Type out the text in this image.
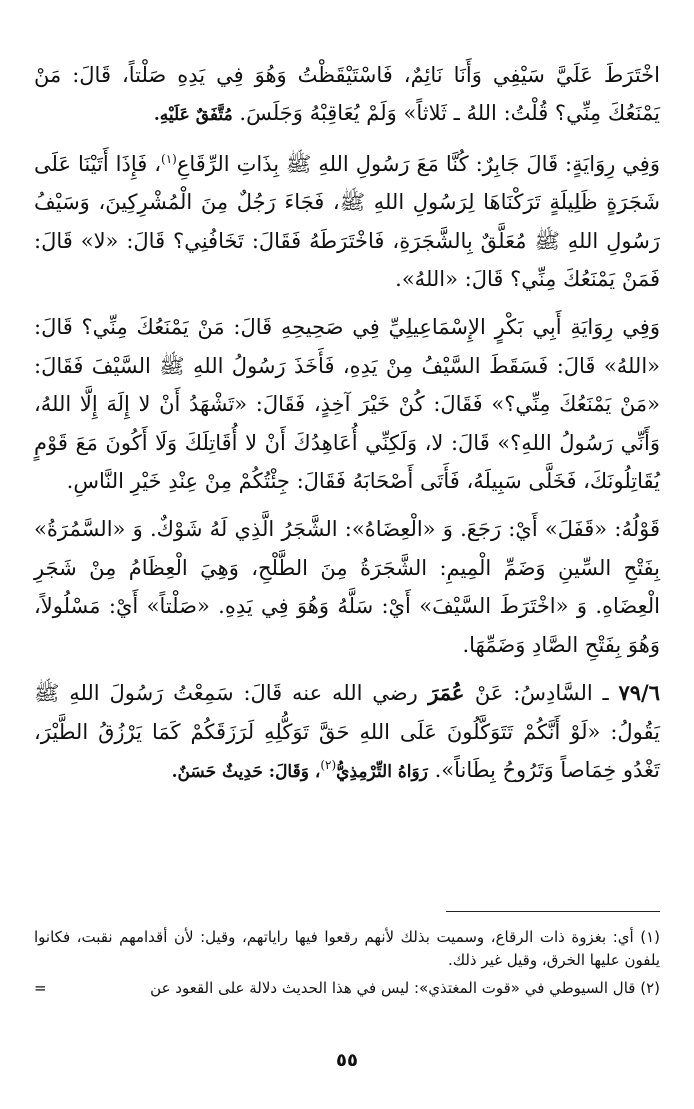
اخْتَرَطَ عَلَيَّ سَيْفِي وَأَنَا نَائِمٌ، فَاسْتَيْقَظْتُ وَهُوَ فِي يَدِهِ صَلْتاً، قَالَ: مَنْ يَمْنَعُكَ مِنِّي؟ قُلْتُ: اللهُ ـ ثَلاثاً» وَلَمْ يُعَاقِبْهُ وَجَلَسَ. مُتَّفَقٌ عَلَيْهِ.

وَفِي رِوَايَةٍ: قَالَ جَابِرٌ: كُنَّا مَعَ رَسُولِ اللهِ ﷺ بِذَاتِ الرِّقَاعِ$^{(١)}$، فَإِذَا أَتَيْنَا عَلَى شَجَرَةٍ ظَلِيلَةٍ تَرَكْنَاهَا لِرَسُولِ اللهِ ﷺ، فَجَاءَ رَجُلٌ مِنَ الْمُشْرِكِينَ، وَسَيْفُ رَسُولِ اللهِ ﷺ مُعَلَّقٌ بِالشَّجَرَةِ، فَاخْتَرَطَهُ فَقَالَ: تَخَافُنِي؟ قَالَ: «لا» قَالَ: فَمَنْ يَمْنَعُكَ مِنِّي؟ قَالَ: «اللهُ».

وَفِي رِوَايَةِ أَبِي بَكْرٍ الإِسْمَاعِيلِيِّ فِي صَحِيحِهِ قَالَ: مَنْ يَمْنَعُكَ مِنِّي؟ قَالَ: «اللهُ» قَالَ: فَسَقَطَ السَّيْفُ مِنْ يَدِهِ، فَأَخَذَ رَسُولُ اللهِ ﷺ السَّيْفَ فَقَالَ: «مَنْ يَمْنَعُكَ مِنِّي؟» فَقَالَ: كُنْ خَيْرَ آخِذٍ، فَقَالَ: «تَشْهَدُ أَنْ لا إِلَهَ إِلَّا اللهُ، وَأَنِّي رَسُولُ اللهِ؟» قَالَ: لا، وَلَكِنِّي أُعَاهِدُكَ أَنْ لا أُقَاتِلَكَ وَلَا أَكُونَ مَعَ قَوْمٍ يُقَاتِلُونَكَ، فَخَلَّى سَبِيلَهُ، فَأَتَى أَصْحَابَهُ فَقَالَ: جِئْتُكُمْ مِنْ عِنْدِ خَيْرِ النَّاسِ.

قَوْلُهُ: «قَفَلَ» أَيْ: رَجَعَ. وَ «الْعِضَاهُ»: الشَّجَرُ الَّذِي لَهُ شَوْكٌ. وَ «السَّمُرَةُ» بِفَتْحِ السِّينِ وَضَمِّ الْمِيمِ: الشَّجَرَةُ مِنَ الطَّلْحِ، وَهِيَ الْعِظَامُ مِنْ شَجَرِ الْعِضَاهِ. وَ «اخْتَرَطَ السَّيْفَ» أَيْ: سَلَّهُ وَهُوَ فِي يَدِهِ. «صَلْتاً» أَيْ: مَسْلُولاً، وَهُوَ بِفَتْحِ الصَّادِ وَضَمِّهَا.

٧٩/٦ ـ السَّادِسُ: عَنْ عُمَرَ رضي الله عنه قَالَ: سَمِعْتُ رَسُولَ اللهِ ﷺ يَقُولُ: «لَوْ أَنَّكُمْ تَتَوَكَّلُونَ عَلَى اللهِ حَقَّ تَوَكُّلِهِ لَرَزَقَكُمْ كَمَا يَرْزُقُ الطَّيْرَ، تَغْدُو خِمَاصاً وَتَرُوحُ بِطَاناً». رَوَاهُ التِّرْمِذِيُّ$^{(٢)}$، وَقَالَ: حَدِيثٌ حَسَنٌ.

(١) أي: بغزوة ذات الرقاع، وسميت بذلك لأنهم رقعوا فيها راياتهم، وقيل: لأن أقدامهم نقبت، فكانوا يلفون عليها الخرق، وقيل غير ذلك.

(٢) قال السيوطي في «قوت المغتذي»: ليس في هذا الحديث دلالة على القعود عن
=

٥٥
